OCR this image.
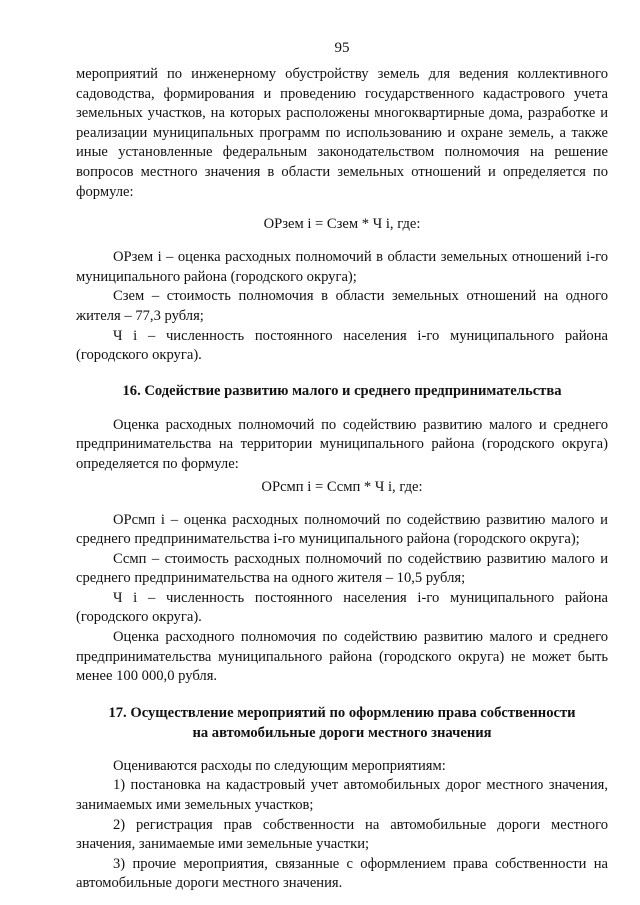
95

мероприятий по инженерному обустройству земель для ведения коллективного садоводства, формирования и проведению государственного кадастрового учета земельных участков, на которых расположены многоквартирные дома, разработке и реализации муниципальных программ по использованию и охране земель, а также иные установленные федеральным законодательством полномочия на решение вопросов местного значения в области земельных отношений и определяется по формуле:

ОРзем i = Сзем * Ч i, где:

ОРзем i – оценка расходных полномочий в области земельных отношений i-го муниципального района (городского округа);

Сзем – стоимость полномочия в области земельных отношений на одного жителя – 77,3 рубля;

Ч i – численность постоянного населения i-го муниципального района (городского округа).

16. Содействие развитию малого и среднего предпринимательства

Оценка расходных полномочий по содействию развитию малого и среднего предпринимательства на территории муниципального района (городского округа) определяется по формуле:

ОРсмп i = Ссмп * Ч i, где:

ОРсмп i – оценка расходных полномочий по содействию развитию малого и среднего предпринимательства i-го муниципального района (городского округа);

Ссмп – стоимость расходных полномочий по содействию развитию малого и среднего предпринимательства на одного жителя – 10,5 рубля;

Ч i – численность постоянного населения i-го муниципального района (городского округа).

Оценка расходного полномочия по содействию развитию малого и среднего предпринимательства муниципального района (городского округа) не может быть менее 100 000,0 рубля.

17. Осуществление мероприятий по оформлению права собственности
на автомобильные дороги местного значения

Оцениваются расходы по следующим мероприятиям:

1) постановка на кадастровый учет автомобильных дорог местного значения, занимаемых ими земельных участков;

2) регистрация прав собственности на автомобильные дороги местного значения, занимаемые ими земельные участки;

3) прочие мероприятия, связанные с оформлением права собственности на автомобильные дороги местного значения.
